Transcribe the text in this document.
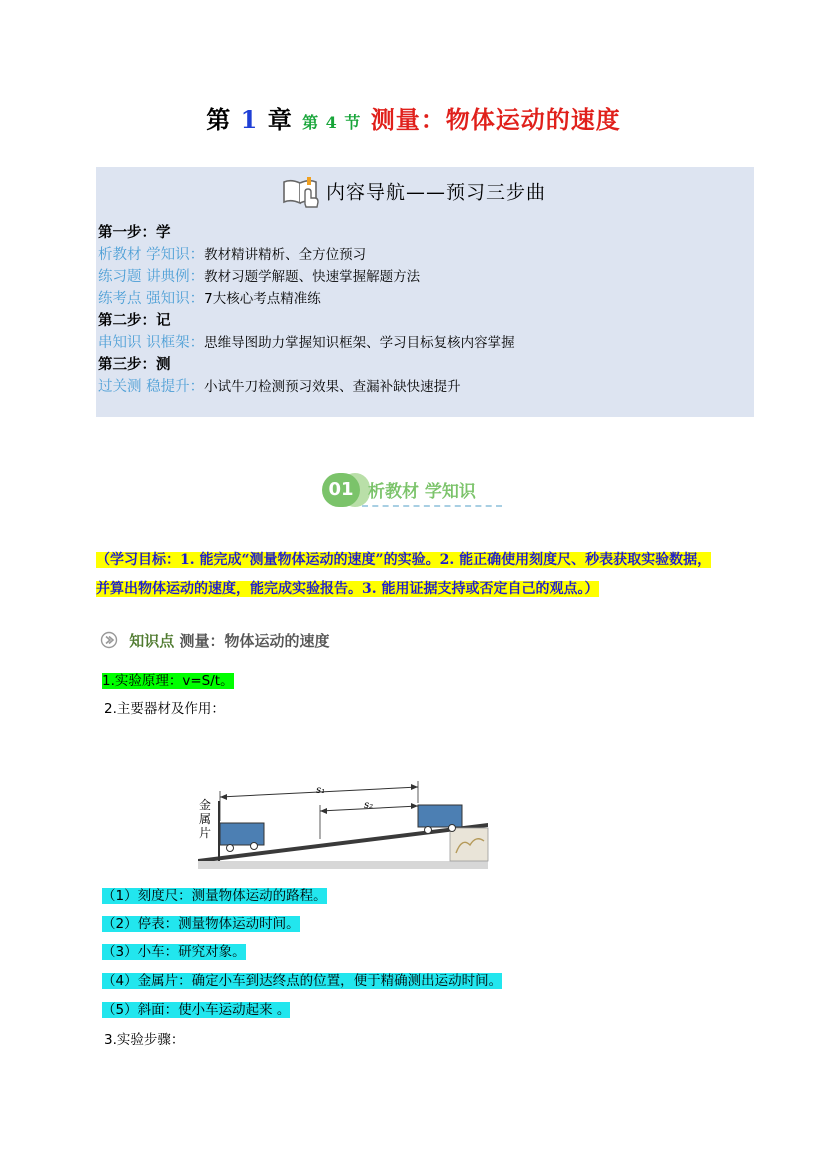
第 1 章 第 4 节 测量：物体运动的速度
内容导航——预习三步曲
第一步：学
析教材 学知识：教材精讲精析、全方位预习
练习题 讲典例：教材习题学解题、快速掌握解题方法
练考点 强知识：7大核心考点精准练
第二步：记
串知识 识框架：思维导图助力掌握知识框架、学习目标复核内容掌握
第三步：测
过关测 稳提升：小试牛刀检测预习效果、查漏补缺快速提升
01 析教材 学知识
（学习目标：1. 能完成“测量物体运动的速度”的实验。2. 能正确使用刻度尺、秒表获取实验数据，
并算出物体运动的速度，能完成实验报告。3. 能用证据支持或否定自己的观点。）
知识点 测量：物体运动的速度
1.实验原理：v=S/t。
2.主要器材及作用：
金属片
s₁
s₂
（1）刻度尺：测量物体运动的路程。
（2）停表：测量物体运动时间。
（3）小车：研究对象。
（4）金属片：确定小车到达终点的位置，便于精确测出运动时间。
（5）斜面：使小车运动起来 。
3.实验步骤：
